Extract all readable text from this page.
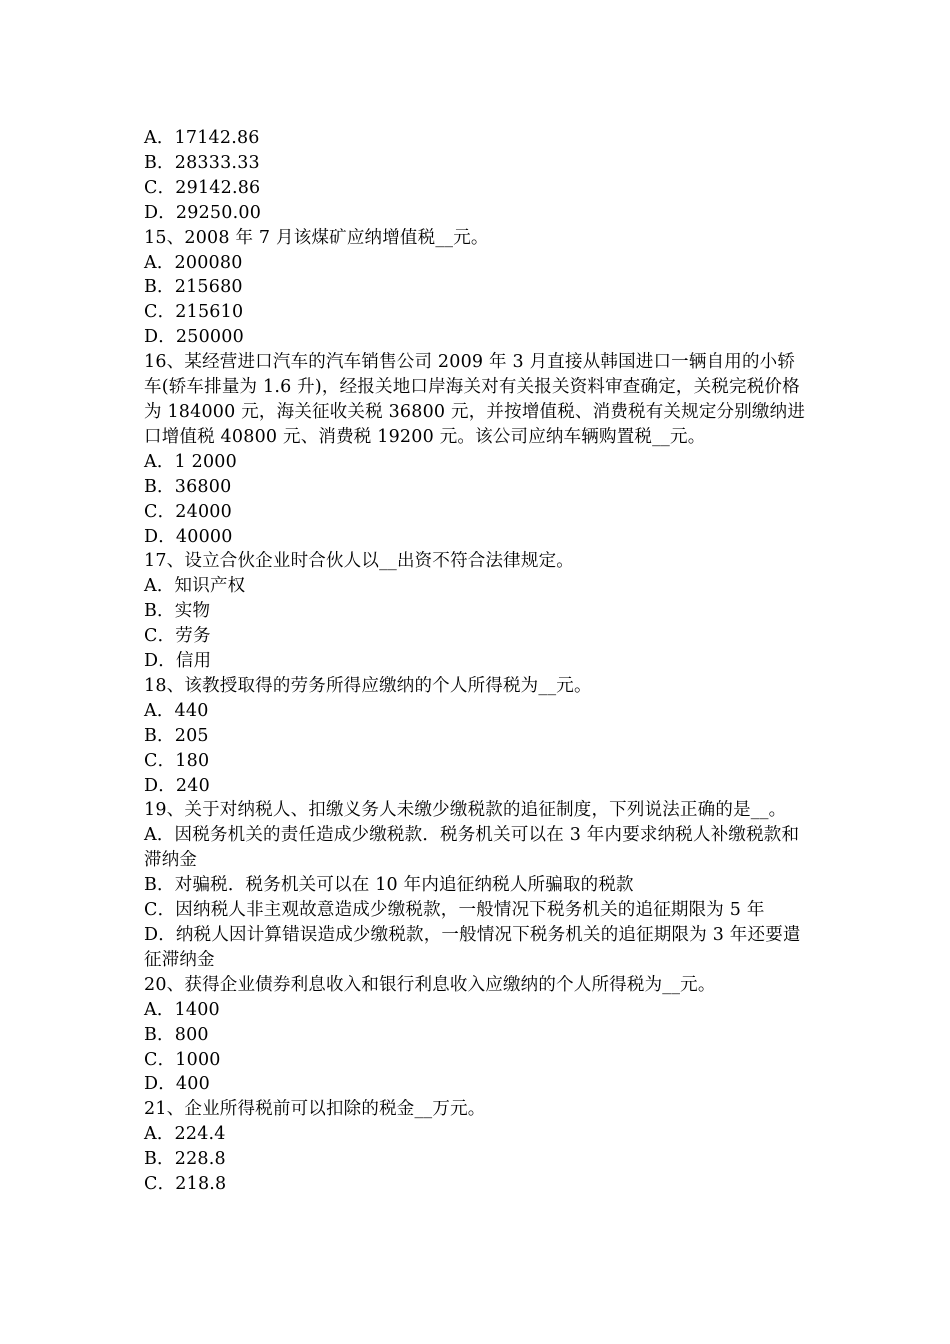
A．17142.86

B．28333.33

C．29142.86

D．29250.00

15、2008 年 7 月该煤矿应纳增值税__元。

A．200080

B．215680

C．215610

D．250000

16、某经营进口汽车的汽车销售公司 2009 年 3 月直接从韩国进口一辆自用的小轿车(轿车排量为 1.6 升)，经报关地口岸海关对有关报关资料审查确定，关税完税价格为 184000 元，海关征收关税 36800 元，并按增值税、消费税有关规定分别缴纳进口增值税 40800 元、消费税 19200 元。该公司应纳车辆购置税__元。

A．1 2000

B．36800

C．24000

D．40000

17、设立合伙企业时合伙人以__出资不符合法律规定。

A．知识产权

B．实物

C．劳务

D．信用

18、该教授取得的劳务所得应缴纳的个人所得税为__元。

A．440

B．205

C．180

D．240

19、关于对纳税人、扣缴义务人未缴少缴税款的追征制度，下列说法正确的是__。

A．因税务机关的责任造成少缴税款．税务机关可以在 3 年内要求纳税人补缴税款和滞纳金

B．对骗税．税务机关可以在 10 年内追征纳税人所骗取的税款

C．因纳税人非主观故意造成少缴税款，一般情况下税务机关的追征期限为 5 年

D．纳税人因计算错误造成少缴税款，一般情况下税务机关的追征期限为 3 年还要遣征滞纳金

20、获得企业债券利息收入和银行利息收入应缴纳的个人所得税为__元。

A．1400

B．800

C．1000

D．400

21、企业所得税前可以扣除的税金__万元。

A．224.4

B．228.8

C．218.8
